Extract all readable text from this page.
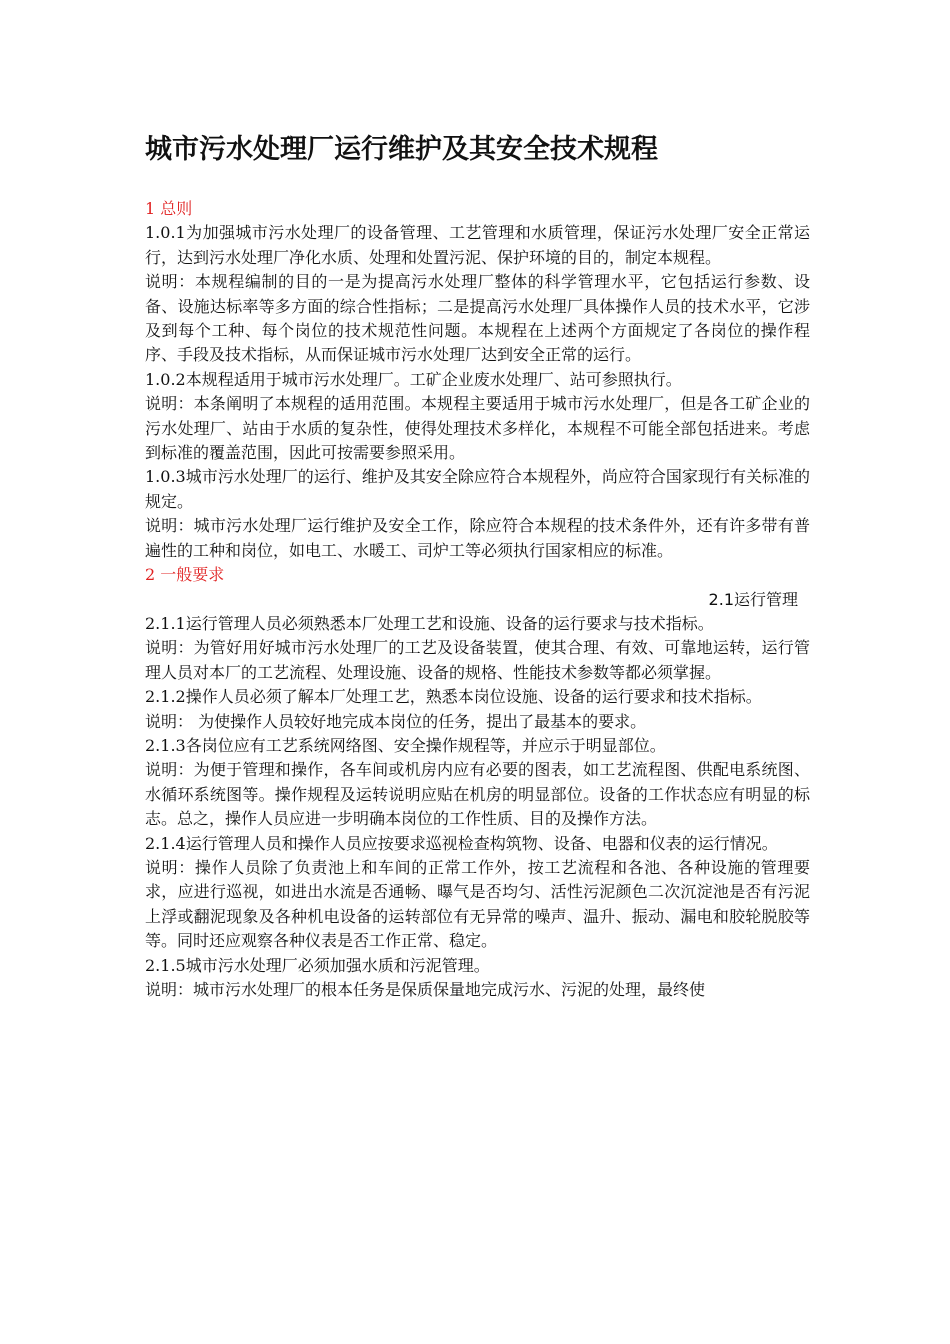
城市污水处理厂运行维护及其安全技术规程

1 总则

1.0.1为加强城市污水处理厂的设备管理、工艺管理和水质管理，保证污水处理厂安全正常运行，达到污水处理厂净化水质、处理和处置污泥、保护环境的目的，制定本规程。

说明：本规程编制的目的一是为提高污水处理厂整体的科学管理水平，它包括运行参数、设备、设施达标率等多方面的综合性指标；二是提高污水处理厂具体操作人员的技术水平，它涉及到每个工种、每个岗位的技术规范性问题。本规程在上述两个方面规定了各岗位的操作程序、手段及技术指标，从而保证城市污水处理厂达到安全正常的运行。

1.0.2本规程适用于城市污水处理厂。工矿企业废水处理厂、站可参照执行。

说明：本条阐明了本规程的适用范围。本规程主要适用于城市污水处理厂，但是各工矿企业的污水处理厂、站由于水质的复杂性，使得处理技术多样化，本规程不可能全部包括进来。考虑到标准的覆盖范围，因此可按需要参照采用。

1.0.3城市污水处理厂的运行、维护及其安全除应符合本规程外，尚应符合国家现行有关标准的规定。

说明：城市污水处理厂运行维护及安全工作，除应符合本规程的技术条件外，还有许多带有普遍性的工种和岗位，如电工、水暖工、司炉工等必须执行国家相应的标准。

2 一般要求

2.1运行管理

2.1.1运行管理人员必须熟悉本厂处理工艺和设施、设备的运行要求与技术指标。

说明：为管好用好城市污水处理厂的工艺及设备装置，使其合理、有效、可靠地运转，运行管理人员对本厂的工艺流程、处理设施、设备的规格、性能技术参数等都必须掌握。

2.1.2操作人员必须了解本厂处理工艺，熟悉本岗位设施、设备的运行要求和技术指标。

说明： 为使操作人员较好地完成本岗位的任务，提出了最基本的要求。

2.1.3各岗位应有工艺系统网络图、安全操作规程等，并应示于明显部位。

说明：为便于管理和操作，各车间或机房内应有必要的图表，如工艺流程图、供配电系统图、水循环系统图等。操作规程及运转说明应贴在机房的明显部位。设备的工作状态应有明显的标志。总之，操作人员应进一步明确本岗位的工作性质、目的及操作方法。

2.1.4运行管理人员和操作人员应按要求巡视检查构筑物、设备、电器和仪表的运行情况。

说明：操作人员除了负责池上和车间的正常工作外，按工艺流程和各池、各种设施的管理要求，应进行巡视，如进出水流是否通畅、曝气是否均匀、活性污泥颜色二次沉淀池是否有污泥上浮或翻泥现象及各种机电设备的运转部位有无异常的噪声、温升、振动、漏电和胶轮脱胶等等。同时还应观察各种仪表是否工作正常、稳定。

2.1.5城市污水处理厂必须加强水质和污泥管理。

说明：城市污水处理厂的根本任务是保质保量地完成污水、污泥的处理，最终使
